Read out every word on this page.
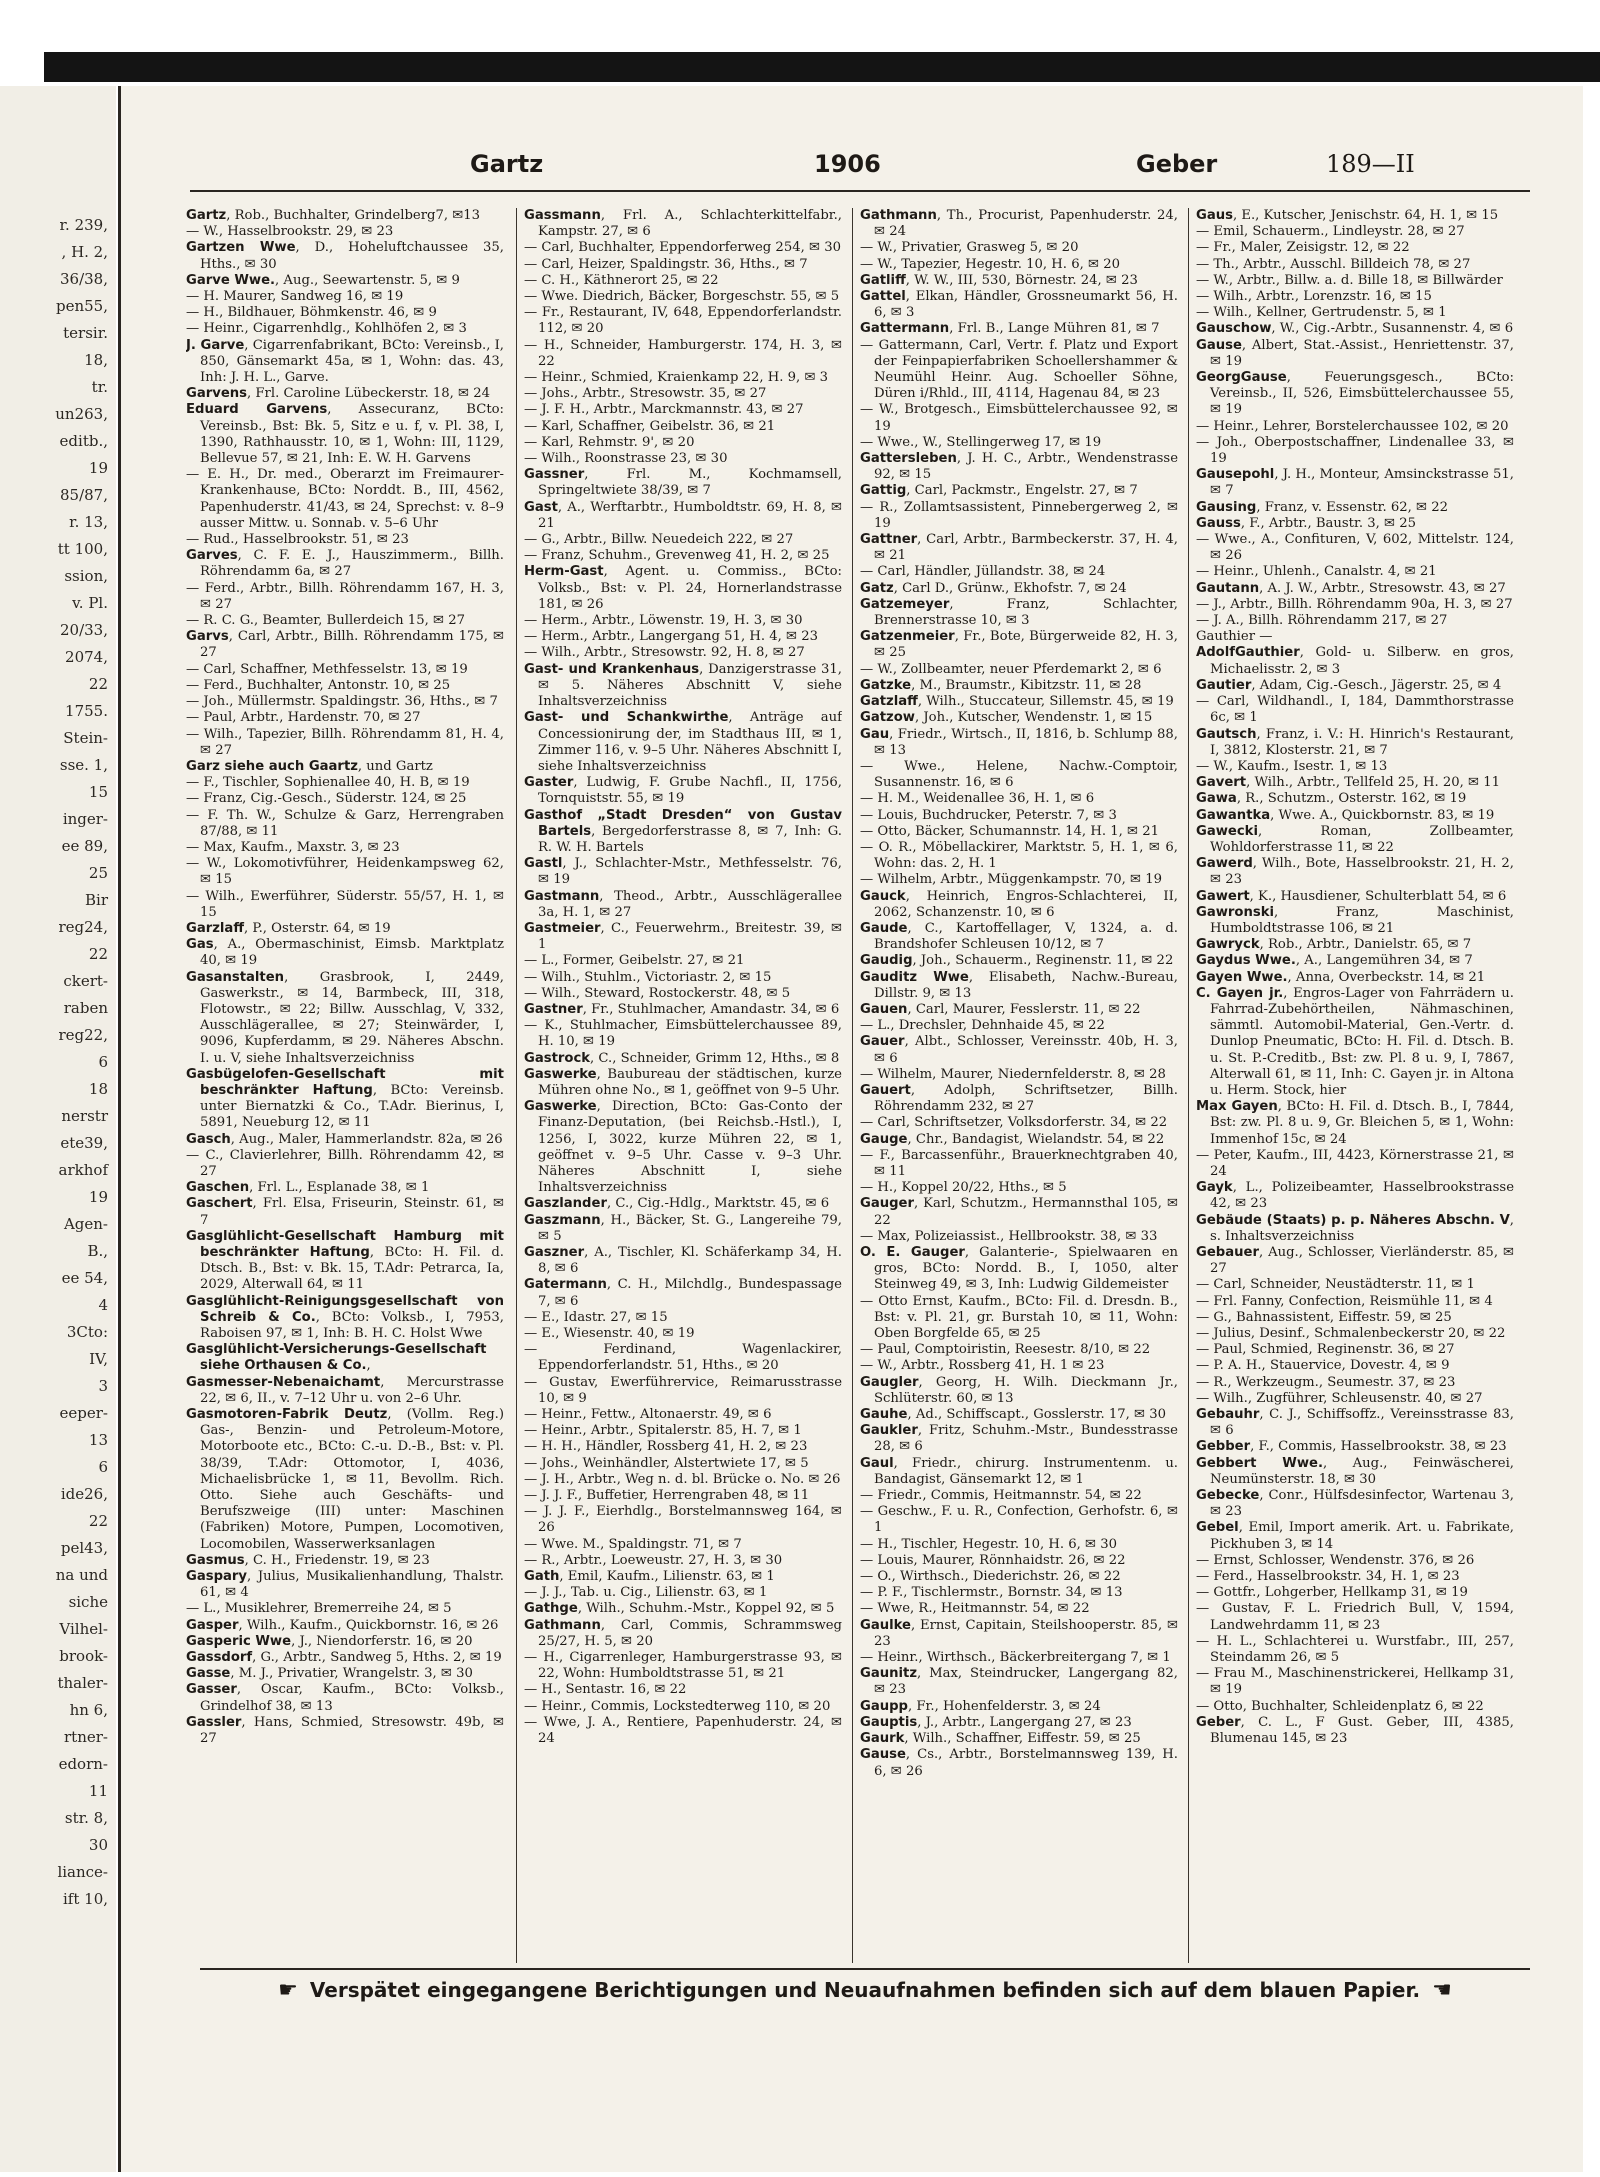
r. 239,
, H. 2,
36/38,
pen55,
tersir.
18,
tr.
un263,
editb.,
19
85/87,
r. 13,
tt 100,
ssion,
v. Pl.
20/33,
2074,
22
1755.
Stein-
sse. 1,
15
inger-
ee 89,
25
Bir
reg24,
22
ckert-
raben
reg22,
6
18
nerstr
ete39,
arkhof
19
Agen-
B.,
ee 54,
4
3Cto:
IV,
3
eeper-
13
6
ide26,
22
pel43,
na und
siche
Vilhel-
brook-
thaler-
hn 6,
rtner-
edorn-
11
str. 8,
30
liance-
ift 10,
Gartz	1906	Geber	189—II

Gartz, Rob., Buchhalter, Grindelberg7, ✉13

— W., Hasselbrookstr. 29, ✉ 23

Gartzen Wwe, D., Hoheluftchaussee 35, Hths., ✉ 30

Garve Wwe., Aug., Seewartenstr. 5, ✉ 9

— H. Maurer, Sandweg 16, ✉ 19

— H., Bildhauer, Böhmkenstr. 46, ✉ 9

— Heinr., Cigarrenhdlg., Kohlhöfen 2, ✉ 3

J. Garve, Cigarrenfabrikant, BCto: Vereinsb., I, 850, Gänsemarkt 45a, ✉ 1, Wohn: das. 43, Inh: J. H. L., Garve.

Garvens, Frl. Caroline Lübeckerstr. 18, ✉ 24

Eduard Garvens, Assecuranz, BCto: Vereinsb., Bst: Bk. 5, Sitz e u. f, v. Pl. 38, I, 1390, Rathhausstr. 10, ✉ 1, Wohn: III, 1129, Bellevue 57, ✉ 21, Inh: E. W. H. Garvens

— E. H., Dr. med., Oberarzt im Freimaurer-Krankenhause, BCto: Norddt. B., III, 4562, Papenhuderstr. 41/43, ✉ 24, Sprechst: v. 8–9 ausser Mittw. u. Sonnab. v. 5–6 Uhr

— Rud., Hasselbrookstr. 51, ✉ 23

Garves, C. F. E. J., Hauszimmerm., Billh. Röhrendamm 6a, ✉ 27

— Ferd., Arbtr., Billh. Röhrendamm 167, H. 3, ✉ 27

— R. C. G., Beamter, Bullerdeich 15, ✉ 27

Garvs, Carl, Arbtr., Billh. Röhrendamm 175, ✉ 27

— Carl, Schaffner, Methfesselstr. 13, ✉ 19

— Ferd., Buchhalter, Antonstr. 10, ✉ 25

— Joh., Müllermstr. Spaldingstr. 36, Hths., ✉ 7

— Paul, Arbtr., Hardenstr. 70, ✉ 27

— Wilh., Tapezier, Billh. Röhrendamm 81, H. 4, ✉ 27

Garz siehe auch Gaartz, und Gartz

— F., Tischler, Sophienallee 40, H. B, ✉ 19

— Franz, Cig.-Gesch., Süderstr. 124, ✉ 25

— F. Th. W., Schulze & Garz, Herrengraben 87/88, ✉ 11

— Max, Kaufm., Maxstr. 3, ✉ 23

— W., Lokomotivführer, Heidenkampsweg 62, ✉ 15

— Wilh., Ewerführer, Süderstr. 55/57, H. 1, ✉ 15

Garzlaff, P., Osterstr. 64, ✉ 19

Gas, A., Obermaschinist, Eimsb. Marktplatz 40, ✉ 19

Gasanstalten, Grasbrook, I, 2449, Gaswerkstr., ✉ 14, Barmbeck, III, 318, Flotowstr., ✉ 22; Billw. Ausschlag, V, 332, Ausschlägerallee, ✉ 27; Steinwärder, I, 9096, Kupferdamm, ✉ 29. Näheres Abschn. I. u. V, siehe Inhaltsverzeichniss

Gasbügelofen-Gesellschaft mit beschränkter Haftung, BCto: Vereinsb. unter Biernatzki & Co., T.Adr. Bierinus, I, 5891, Neueburg 12, ✉ 11

Gasch, Aug., Maler, Hammerlandstr. 82a, ✉ 26

— C., Clavierlehrer, Billh. Röhrendamm 42, ✉ 27

Gaschen, Frl. L., Esplanade 38, ✉ 1

Gaschert, Frl. Elsa, Friseurin, Steinstr. 61, ✉ 7

Gasglühlicht-Gesellschaft Hamburg mit beschränkter Haftung, BCto: H. Fil. d. Dtsch. B., Bst: v. Bk. 15, T.Adr: Petrarca, Ia, 2029, Alterwall 64, ✉ 11

Gasglühlicht-Reinigungsgesellschaft von Schreib & Co., BCto: Volksb., I, 7953, Raboisen 97, ✉ 1, Inh: B. H. C. Holst Wwe

Gasglühlicht-Versicherungs-Gesellschaft siehe Orthausen & Co.,

Gasmesser-Nebenaichamt, Mercurstrasse 22, ✉ 6, II., v. 7–12 Uhr u. von 2–6 Uhr.

Gasmotoren-Fabrik Deutz, (Vollm. Reg.) Gas-, Benzin- und Petroleum-Motore, Motorboote etc., BCto: C.-u. D.-B., Bst: v. Pl. 38/39, T.Adr: Ottomotor, I, 4036, Michaelisbrücke 1, ✉ 11, Bevollm. Rich. Otto. Siehe auch Geschäfts- und Berufszweige (III) unter: Maschinen (Fabriken) Motore, Pumpen, Locomotiven, Locomobilen, Wasserwerksanlagen

Gasmus, C. H., Friedenstr. 19, ✉ 23

Gaspary, Julius, Musikalienhandlung, Thalstr. 61, ✉ 4

— L., Musiklehrer, Bremerreihe 24, ✉ 5

Gasper, Wilh., Kaufm., Quickbornstr. 16, ✉ 26

Gasperic Wwe, J., Niendorferstr. 16, ✉ 20

Gassdorf, G., Arbtr., Sandweg 5, Hths. 2, ✉ 19

Gasse, M. J., Privatier, Wrangelstr. 3, ✉ 30

Gasser, Oscar, Kaufm., BCto: Volksb., Grindelhof 38, ✉ 13

Gassler, Hans, Schmied, Stresowstr. 49b, ✉ 27

Gassmann, Frl. A., Schlachterkittelfabr., Kampstr. 27, ✉ 6

— Carl, Buchhalter, Eppendorferweg 254, ✉ 30

— Carl, Heizer, Spaldingstr. 36, Hths., ✉ 7

— C. H., Käthnerort 25, ✉ 22

— Wwe. Diedrich, Bäcker, Borgeschstr. 55, ✉ 5

— Fr., Restaurant, IV, 648, Eppendorferlandstr. 112, ✉ 20

— H., Schneider, Hamburgerstr. 174, H. 3, ✉ 22

— Heinr., Schmied, Kraienkamp 22, H. 9, ✉ 3

— Johs., Arbtr., Stresowstr. 35, ✉ 27

— J. F. H., Arbtr., Marckmannstr. 43, ✉ 27

— Karl, Schaffner, Geibelstr. 36, ✉ 21

— Karl, Rehmstr. 9', ✉ 20

— Wilh., Roonstrasse 23, ✉ 30

Gassner, Frl. M., Kochmamsell, Springeltwiete 38/39, ✉ 7

Gast, A., Werftarbtr., Humboldtstr. 69, H. 8, ✉ 21

— G., Arbtr., Billw. Neuedeich 222, ✉ 27

— Franz, Schuhm., Grevenweg 41, H. 2, ✉ 25

Herm-Gast, Agent. u. Commiss., BCto: Volksb., Bst: v. Pl. 24, Hornerlandstrasse 181, ✉ 26

— Herm., Arbtr., Löwenstr. 19, H. 3, ✉ 30

— Herm., Arbtr., Langergang 51, H. 4, ✉ 23

— Wilh., Arbtr., Stresowstr. 92, H. 8, ✉ 27

Gast- und Krankenhaus, Danzigerstrasse 31, ✉ 5. Näheres Abschnitt V, siehe Inhaltsverzeichniss

Gast- und Schankwirthe, Anträge auf Concessionirung der, im Stadthaus III, ✉ 1, Zimmer 116, v. 9–5 Uhr. Näheres Abschnitt I, siehe Inhaltsverzeichniss

Gaster, Ludwig, F. Grube Nachfl., II, 1756, Tornquiststr. 55, ✉ 19

Gasthof „Stadt Dresden“ von Gustav Bartels, Bergedorferstrasse 8, ✉ 7, Inh: G. R. W. H. Bartels

Gastl, J., Schlachter-Mstr., Methfesselstr. 76, ✉ 19

Gastmann, Theod., Arbtr., Ausschlägerallee 3a, H. 1, ✉ 27

Gastmeier, C., Feuerwehrm., Breitestr. 39, ✉ 1

— L., Former, Geibelstr. 27, ✉ 21

— Wilh., Stuhlm., Victoriastr. 2, ✉ 15

— Wilh., Steward, Rostockerstr. 48, ✉ 5

Gastner, Fr., Stuhlmacher, Amandastr. 34, ✉ 6

— K., Stuhlmacher, Eimsbüttelerchaussee 89, H. 10, ✉ 19

Gastrock, C., Schneider, Grimm 12, Hths., ✉ 8

Gaswerke, Baubureau der städtischen, kurze Mühren ohne No., ✉ 1, geöffnet von 9–5 Uhr.

Gaswerke, Direction, BCto: Gas-Conto der Finanz-Deputation, (bei Reichsb.-Hstl.), I, 1256, I, 3022, kurze Mühren 22, ✉ 1, geöffnet v. 9–5 Uhr. Casse v. 9–3 Uhr. Näheres Abschnitt I, siehe Inhaltsverzeichniss

Gaszlander, C., Cig.-Hdlg., Marktstr. 45, ✉ 6

Gaszmann, H., Bäcker, St. G., Langereihe 79, ✉ 5

Gaszner, A., Tischler, Kl. Schäferkamp 34, H. 8, ✉ 6

Gatermann, C. H., Milchdlg., Bundespassage 7, ✉ 6

— E., Idastr. 27, ✉ 15

— E., Wiesenstr. 40, ✉ 19

— Ferdinand, Wagenlackirer, Eppendorferlandstr. 51, Hths., ✉ 20

— Gustav, Ewerführervice, Reimarusstrasse 10, ✉ 9

— Heinr., Fettw., Altonaerstr. 49, ✉ 6

— Heinr., Arbtr., Spitalerstr. 85, H. 7, ✉ 1

— H. H., Händler, Rossberg 41, H. 2, ✉ 23

— Johs., Weinhändler, Alstertwiete 17, ✉ 5

— J. H., Arbtr., Weg n. d. bl. Brücke o. No. ✉ 26

— J. J. F., Buffetier, Herrengraben 48, ✉ 11

— J. J. F., Eierhdlg., Borstelmannsweg 164, ✉ 26

— Wwe. M., Spaldingstr. 71, ✉ 7

— R., Arbtr., Loeweustr. 27, H. 3, ✉ 30

Gath, Emil, Kaufm., Lilienstr. 63, ✉ 1

— J. J., Tab. u. Cig., Lilienstr. 63, ✉ 1

Gathge, Wilh., Schuhm.-Mstr., Koppel 92, ✉ 5

Gathmann, Carl, Commis, Schrammsweg 25/27, H. 5, ✉ 20

— H., Cigarrenleger, Hamburgerstrasse 93, ✉ 22, Wohn: Humboldtstrasse 51, ✉ 21

— H., Sentastr. 16, ✉ 22

— Heinr., Commis, Lockstedterweg 110, ✉ 20

— Wwe, J. A., Rentiere, Papenhuderstr. 24, ✉ 24

Gathmann, Th., Procurist, Papenhuderstr. 24, ✉ 24

— W., Privatier, Grasweg 5, ✉ 20

— W., Tapezier, Hegestr. 10, H. 6, ✉ 20

Gatliff, W. W., III, 530, Börnestr. 24, ✉ 23

Gattel, Elkan, Händler, Grossneumarkt 56, H. 6, ✉ 3

Gattermann, Frl. B., Lange Mühren 81, ✉ 7

— Gattermann, Carl, Vertr. f. Platz und Export der Feinpapierfabriken Schoellershammer & Neumühl Heinr. Aug. Schoeller Söhne, Düren i/Rhld., III, 4114, Hagenau 84, ✉ 23

— W., Brotgesch., Eimsbüttelerchaussee 92, ✉ 19

— Wwe., W., Stellingerweg 17, ✉ 19

Gattersleben, J. H. C., Arbtr., Wendenstrasse 92, ✉ 15

Gattig, Carl, Packmstr., Engelstr. 27, ✉ 7

— R., Zollamtsassistent, Pinnebergerweg 2, ✉ 19

Gattner, Carl, Arbtr., Barmbeckerstr. 37, H. 4, ✉ 21

— Carl, Händler, Jüllandstr. 38, ✉ 24

Gatz, Carl D., Grünw., Ekhofstr. 7, ✉ 24

Gatzemeyer, Franz, Schlachter, Brennerstrasse 10, ✉ 3

Gatzenmeier, Fr., Bote, Bürgerweide 82, H. 3, ✉ 25

— W., Zollbeamter, neuer Pferdemarkt 2, ✉ 6

Gatzke, M., Braumstr., Kibitzstr. 11, ✉ 28

Gatzlaff, Wilh., Stuccateur, Sillemstr. 45, ✉ 19

Gatzow, Joh., Kutscher, Wendenstr. 1, ✉ 15

Gau, Friedr., Wirtsch., II, 1816, b. Schlump 88, ✉ 13

— Wwe., Helene, Nachw.-Comptoir, Susannenstr. 16, ✉ 6

— H. M., Weidenallee 36, H. 1, ✉ 6

— Louis, Buchdrucker, Peterstr. 7, ✉ 3

— Otto, Bäcker, Schumannstr. 14, H. 1, ✉ 21

— O. R., Möbellackirer, Marktstr. 5, H. 1, ✉ 6, Wohn: das. 2, H. 1

— Wilhelm, Arbtr., Müggenkampstr. 70, ✉ 19

Gauck, Heinrich, Engros-Schlachterei, II, 2062, Schanzenstr. 10, ✉ 6

Gaude, C., Kartoffellager, V, 1324, a. d. Brandshofer Schleusen 10/12, ✉ 7

Gaudig, Joh., Schauerm., Reginenstr. 11, ✉ 22

Gauditz Wwe, Elisabeth, Nachw.-Bureau, Dillstr. 9, ✉ 13

Gauen, Carl, Maurer, Fesslerstr. 11, ✉ 22

— L., Drechsler, Dehnhaide 45, ✉ 22

Gauer, Albt., Schlosser, Vereinsstr. 40b, H. 3, ✉ 6

— Wilhelm, Maurer, Niedernfelderstr. 8, ✉ 28

Gauert, Adolph, Schriftsetzer, Billh. Röhrendamm 232, ✉ 27

— Carl, Schriftsetzer, Volksdorferstr. 34, ✉ 22

Gauge, Chr., Bandagist, Wielandstr. 54, ✉ 22

— F., Barcassenführ., Brauerknechtgraben 40, ✉ 11

— H., Koppel 20/22, Hths., ✉ 5

Gauger, Karl, Schutzm., Hermannsthal 105, ✉ 22

— Max, Polizeiassist., Hellbrookstr. 38, ✉ 33

O. E. Gauger, Galanterie-, Spielwaaren en gros, BCto: Nordd. B., I, 1050, alter Steinweg 49, ✉ 3, Inh: Ludwig Gildemeister

— Otto Ernst, Kaufm., BCto: Fil. d. Dresdn. B., Bst: v. Pl. 21, gr. Burstah 10, ✉ 11, Wohn: Oben Borgfelde 65, ✉ 25

— Paul, Comptoiristin, Reesestr. 8/10, ✉ 22

— W., Arbtr., Rossberg 41, H. 1 ✉ 23

Gaugler, Georg, H. Wilh. Dieckmann Jr., Schlüterstr. 60, ✉ 13

Gauhe, Ad., Schiffscapt., Gosslerstr. 17, ✉ 30

Gaukler, Fritz, Schuhm.-Mstr., Bundesstrasse 28, ✉ 6

Gaul, Friedr., chirurg. Instrumentenm. u. Bandagist, Gänsemarkt 12, ✉ 1

— Friedr., Commis, Heitmannstr. 54, ✉ 22

— Geschw., F. u. R., Confection, Gerhofstr. 6, ✉ 1

— H., Tischler, Hegestr. 10, H. 6, ✉ 30

— Louis, Maurer, Rönnhaidstr. 26, ✉ 22

— O., Wirthsch., Diederichstr. 26, ✉ 22

— P. F., Tischlermstr., Bornstr. 34, ✉ 13

— Wwe, R., Heitmannstr. 54, ✉ 22

Gaulke, Ernst, Capitain, Steilshooperstr. 85, ✉ 23

— Heinr., Wirthsch., Bäckerbreitergang 7, ✉ 1

Gaunitz, Max, Steindrucker, Langergang 82, ✉ 23

Gaupp, Fr., Hohenfelderstr. 3, ✉ 24

Gauptis, J., Arbtr., Langergang 27, ✉ 23

Gaurk, Wilh., Schaffner, Eiffestr. 59, ✉ 25

Gause, Cs., Arbtr., Borstelmannsweg 139, H. 6, ✉ 26

Gaus, E., Kutscher, Jenischstr. 64, H. 1, ✉ 15

— Emil, Schauerm., Lindleystr. 28, ✉ 27

— Fr., Maler, Zeisigstr. 12, ✉ 22

— Th., Arbtr., Ausschl. Billdeich 78, ✉ 27

— W., Arbtr., Billw. a. d. Bille 18, ✉ Billwärder

— Wilh., Arbtr., Lorenzstr. 16, ✉ 15

— Wilh., Kellner, Gertrudenstr. 5, ✉ 1

Gauschow, W., Cig.-Arbtr., Susannenstr. 4, ✉ 6

Gause, Albert, Stat.-Assist., Henriettenstr. 37, ✉ 19

GeorgGause, Feuerungsgesch., BCto: Vereinsb., II, 526, Eimsbüttelerchaussee 55, ✉ 19

— Heinr., Lehrer, Borstelerchaussee 102, ✉ 20

— Joh., Oberpostschaffner, Lindenallee 33, ✉ 19

Gausepohl, J. H., Monteur, Amsinckstrasse 51, ✉ 7

Gausing, Franz, v. Essenstr. 62, ✉ 22

Gauss, F., Arbtr., Baustr. 3, ✉ 25

— Wwe., A., Confituren, V, 602, Mittelstr. 124, ✉ 26

— Heinr., Uhlenh., Canalstr. 4, ✉ 21

Gautann, A. J. W., Arbtr., Stresowstr. 43, ✉ 27

— J., Arbtr., Billh. Röhrendamm 90a, H. 3, ✉ 27

— J. A., Billh. Röhrendamm 217, ✉ 27

Gauthier —

AdolfGauthier, Gold- u. Silberw. en gros, Michaelisstr. 2, ✉ 3

Gautier, Adam, Cig.-Gesch., Jägerstr. 25, ✉ 4

— Carl, Wildhandl., I, 184, Dammthorstrasse 6c, ✉ 1

Gautsch, Franz, i. V.: H. Hinrich's Restaurant, I, 3812, Klosterstr. 21, ✉ 7

— W., Kaufm., Isestr. 1, ✉ 13

Gavert, Wilh., Arbtr., Tellfeld 25, H. 20, ✉ 11

Gawa, R., Schutzm., Osterstr. 162, ✉ 19

Gawantka, Wwe. A., Quickbornstr. 83, ✉ 19

Gawecki, Roman, Zollbeamter, Wohldorferstrasse 11, ✉ 22

Gawerd, Wilh., Bote, Hasselbrookstr. 21, H. 2, ✉ 23

Gawert, K., Hausdiener, Schulterblatt 54, ✉ 6

Gawronski, Franz, Maschinist, Humboldtstrasse 106, ✉ 21

Gawryck, Rob., Arbtr., Danielstr. 65, ✉ 7

Gaydus Wwe., A., Langemühren 34, ✉ 7

Gayen Wwe., Anna, Overbeckstr. 14, ✉ 21

C. Gayen jr., Engros-Lager von Fahrrädern u. Fahrrad-Zubehörtheilen, Nähmaschinen, sämmtl. Automobil-Material, Gen.-Vertr. d. Dunlop Pneumatic, BCto: H. Fil. d. Dtsch. B. u. St. P.-Creditb., Bst: zw. Pl. 8 u. 9, I, 7867, Alterwall 61, ✉ 11, Inh: C. Gayen jr. in Altona u. Herm. Stock, hier

Max Gayen, BCto: H. Fil. d. Dtsch. B., I, 7844, Bst: zw. Pl. 8 u. 9, Gr. Bleichen 5, ✉ 1, Wohn: Immenhof 15c, ✉ 24

— Peter, Kaufm., III, 4423, Körnerstrasse 21, ✉ 24

Gayk, L., Polizeibeamter, Hasselbrookstrasse 42, ✉ 23

Gebäude (Staats) p. p. Näheres Abschn. V, s. Inhaltsverzeichniss

Gebauer, Aug., Schlosser, Vierländerstr. 85, ✉ 27

— Carl, Schneider, Neustädterstr. 11, ✉ 1

— Frl. Fanny, Confection, Reismühle 11, ✉ 4

— G., Bahnassistent, Eiffestr. 59, ✉ 25

— Julius, Desinf., Schmalenbeckerstr 20, ✉ 22

— Paul, Schmied, Reginenstr. 36, ✉ 27

— P. A. H., Stauervice, Dovestr. 4, ✉ 9

— R., Werkzeugm., Seumestr. 37, ✉ 23

— Wilh., Zugführer, Schleusenstr. 40, ✉ 27

Gebauhr, C. J., Schiffsoffz., Vereinsstrasse 83, ✉ 6

Gebber, F., Commis, Hasselbrookstr. 38, ✉ 23

Gebbert Wwe., Aug., Feinwäscherei, Neumünsterstr. 18, ✉ 30

Gebecke, Conr., Hülfsdesinfector, Wartenau 3, ✉ 23

Gebel, Emil, Import amerik. Art. u. Fabrikate, Pickhuben 3, ✉ 14

— Ernst, Schlosser, Wendenstr. 376, ✉ 26

— Ferd., Hasselbrookstr. 34, H. 1, ✉ 23

— Gottfr., Lohgerber, Hellkamp 31, ✉ 19

— Gustav, F. L. Friedrich Bull, V, 1594, Landwehrdamm 11, ✉ 23

— H. L., Schlachterei u. Wurstfabr., III, 257, Steindamm 26, ✉ 5

— Frau M., Maschinenstrickerei, Hellkamp 31, ✉ 19

— Otto, Buchhalter, Schleidenplatz 6, ✉ 22

Geber, C. L., F Gust. Geber, III, 4385, Blumenau 145, ✉ 23

☛ Verspätet eingegangene Berichtigungen und Neuaufnahmen befinden sich auf dem blauen Papier. ☚
